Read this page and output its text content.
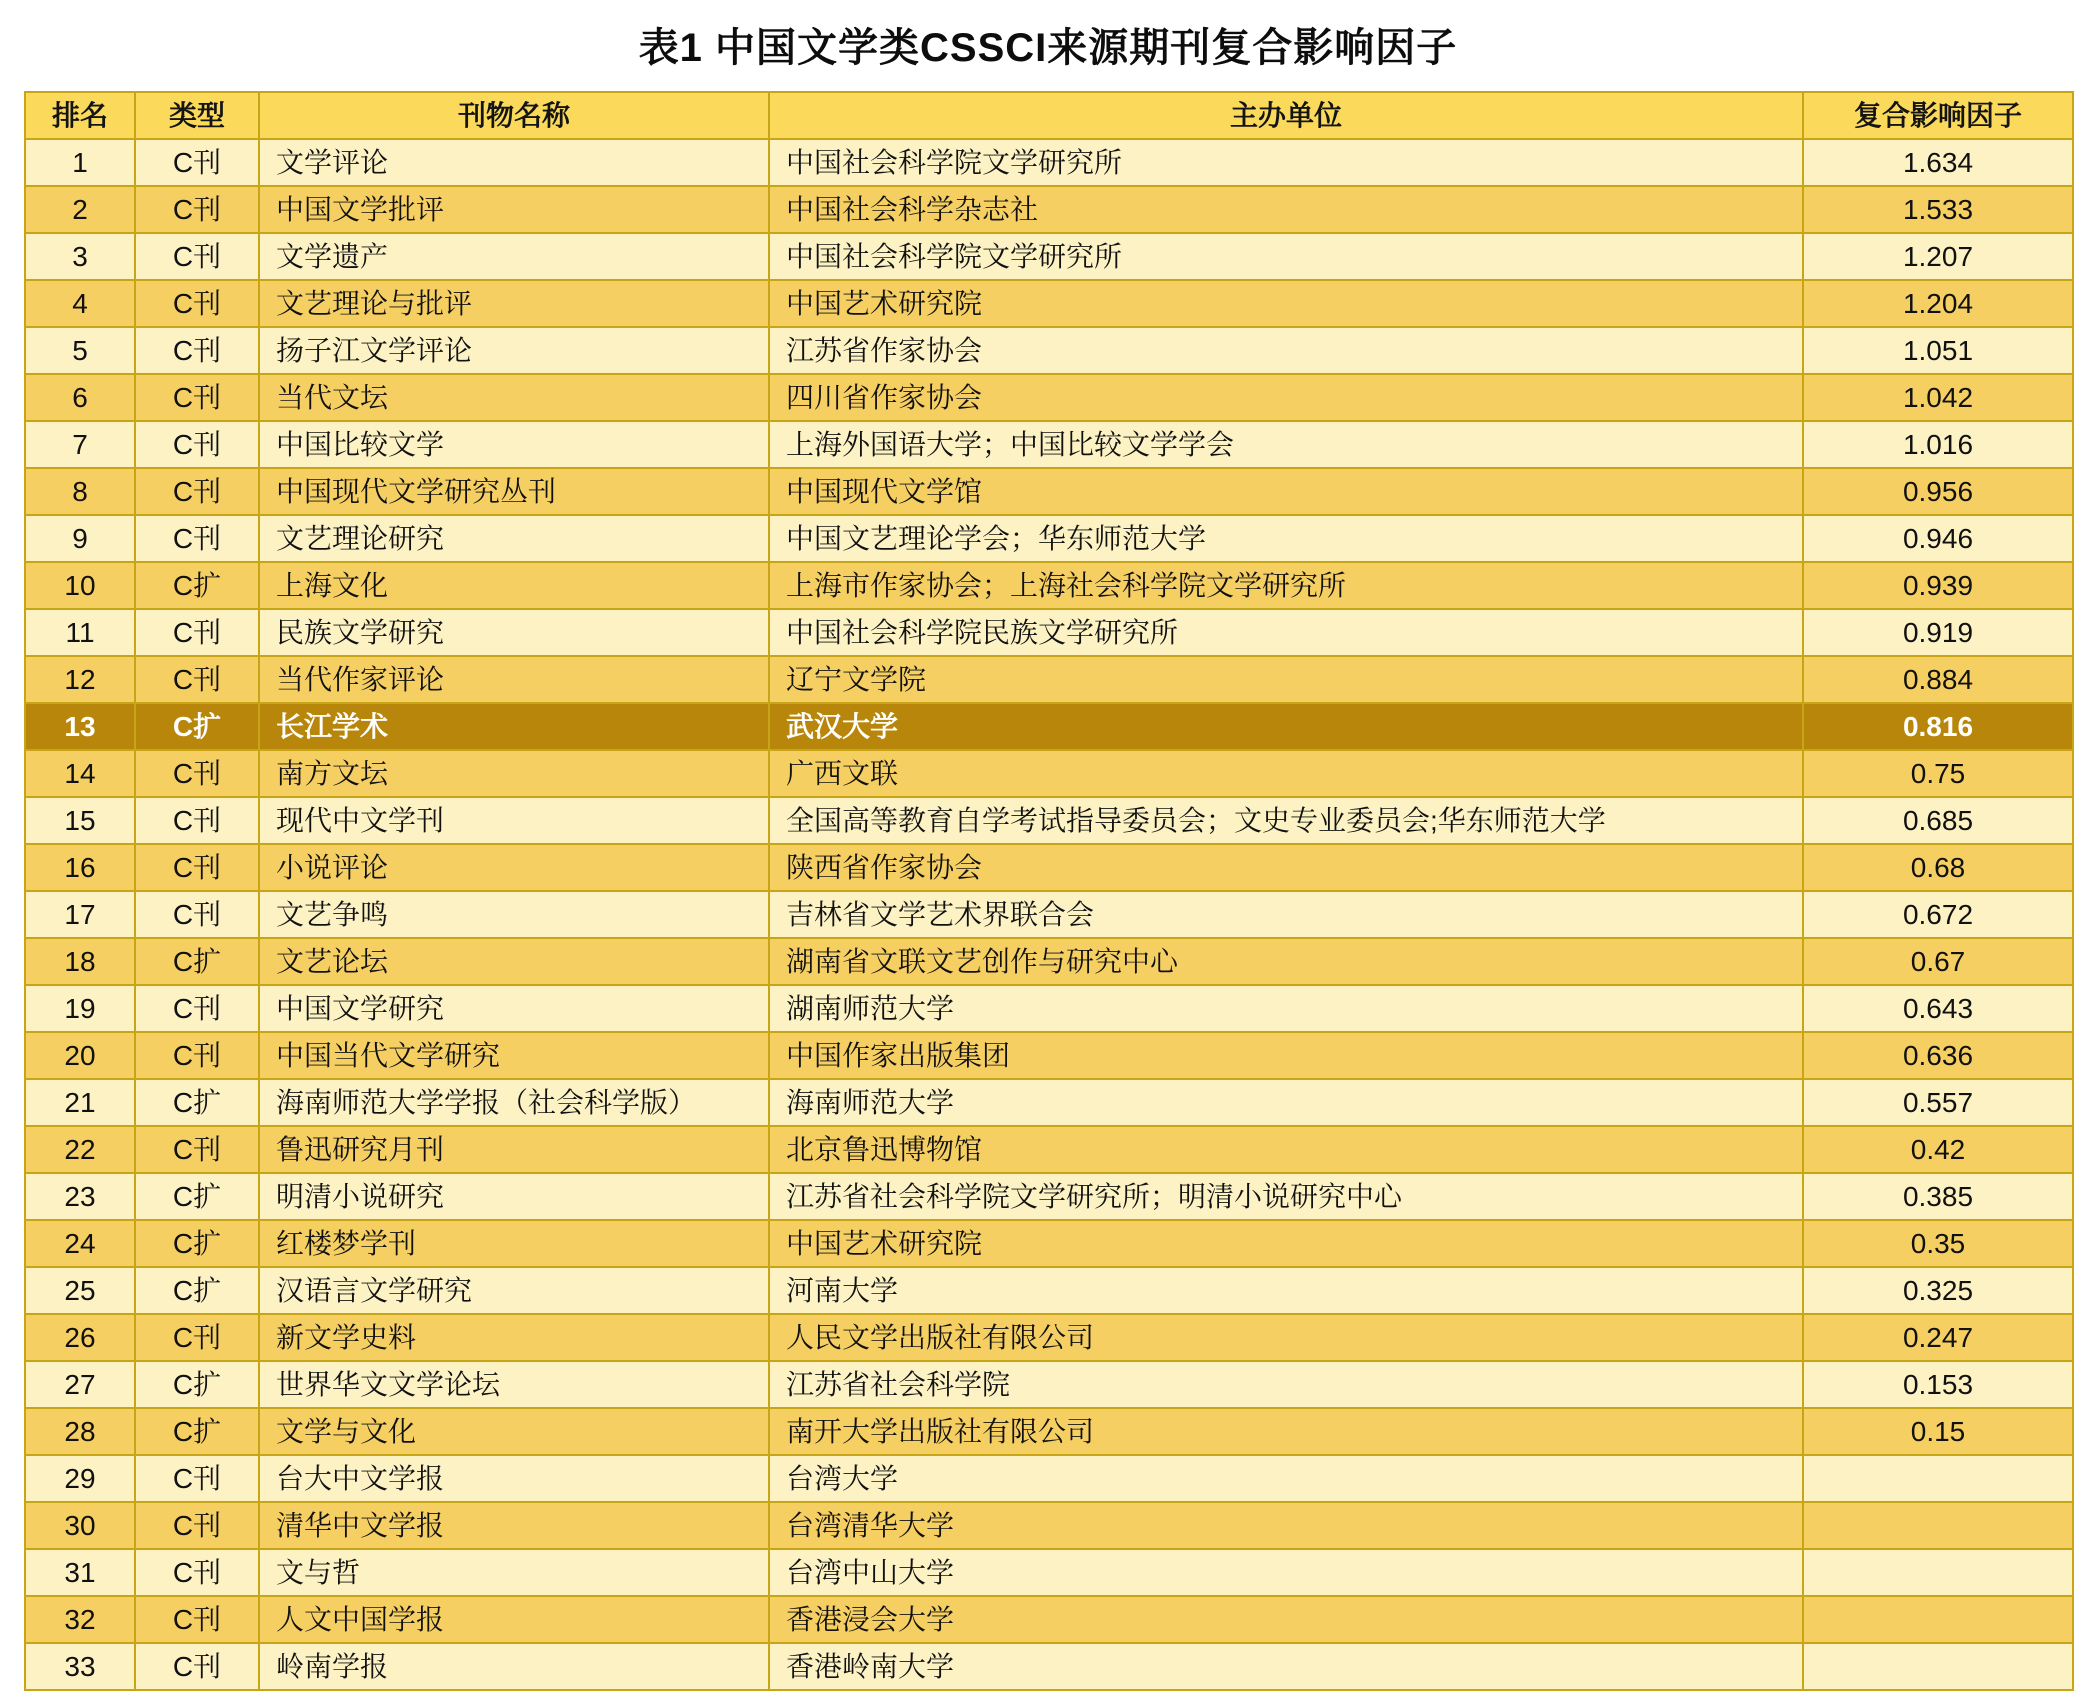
表1 中国文学类CSSCI来源期刊复合影响因子
排名	类型	刊物名称	主办单位	复合影响因子
1	C刊	文学评论	中国社会科学院文学研究所	1.634
2	C刊	中国文学批评	中国社会科学杂志社	1.533
3	C刊	文学遗产	中国社会科学院文学研究所	1.207
4	C刊	文艺理论与批评	中国艺术研究院	1.204
5	C刊	扬子江文学评论	江苏省作家协会	1.051
6	C刊	当代文坛	四川省作家协会	1.042
7	C刊	中国比较文学	上海外国语大学；中国比较文学学会	1.016
8	C刊	中国现代文学研究丛刊	中国现代文学馆	0.956
9	C刊	文艺理论研究	中国文艺理论学会；华东师范大学	0.946
10	C扩	上海文化	上海市作家协会；上海社会科学院文学研究所	0.939
11	C刊	民族文学研究	中国社会科学院民族文学研究所	0.919
12	C刊	当代作家评论	辽宁文学院	0.884
13	C扩	长江学术	武汉大学	0.816
14	C刊	南方文坛	广西文联	0.75
15	C刊	现代中文学刊	全国高等教育自学考试指导委员会；文史专业委员会;华东师范大学	0.685
16	C刊	小说评论	陕西省作家协会	0.68
17	C刊	文艺争鸣	吉林省文学艺术界联合会	0.672
18	C扩	文艺论坛	湖南省文联文艺创作与研究中心	0.67
19	C刊	中国文学研究	湖南师范大学	0.643
20	C刊	中国当代文学研究	中国作家出版集团	0.636
21	C扩	海南师范大学学报（社会科学版）	海南师范大学	0.557
22	C刊	鲁迅研究月刊	北京鲁迅博物馆	0.42
23	C扩	明清小说研究	江苏省社会科学院文学研究所；明清小说研究中心	0.385
24	C扩	红楼梦学刊	中国艺术研究院	0.35
25	C扩	汉语言文学研究	河南大学	0.325
26	C刊	新文学史料	人民文学出版社有限公司	0.247
27	C扩	世界华文文学论坛	江苏省社会科学院	0.153
28	C扩	文学与文化	南开大学出版社有限公司	0.15
29	C刊	台大中文学报	台湾大学	
30	C刊	清华中文学报	台湾清华大学	
31	C刊	文与哲	台湾中山大学	
32	C刊	人文中国学报	香港浸会大学	
33	C刊	岭南学报	香港岭南大学	
